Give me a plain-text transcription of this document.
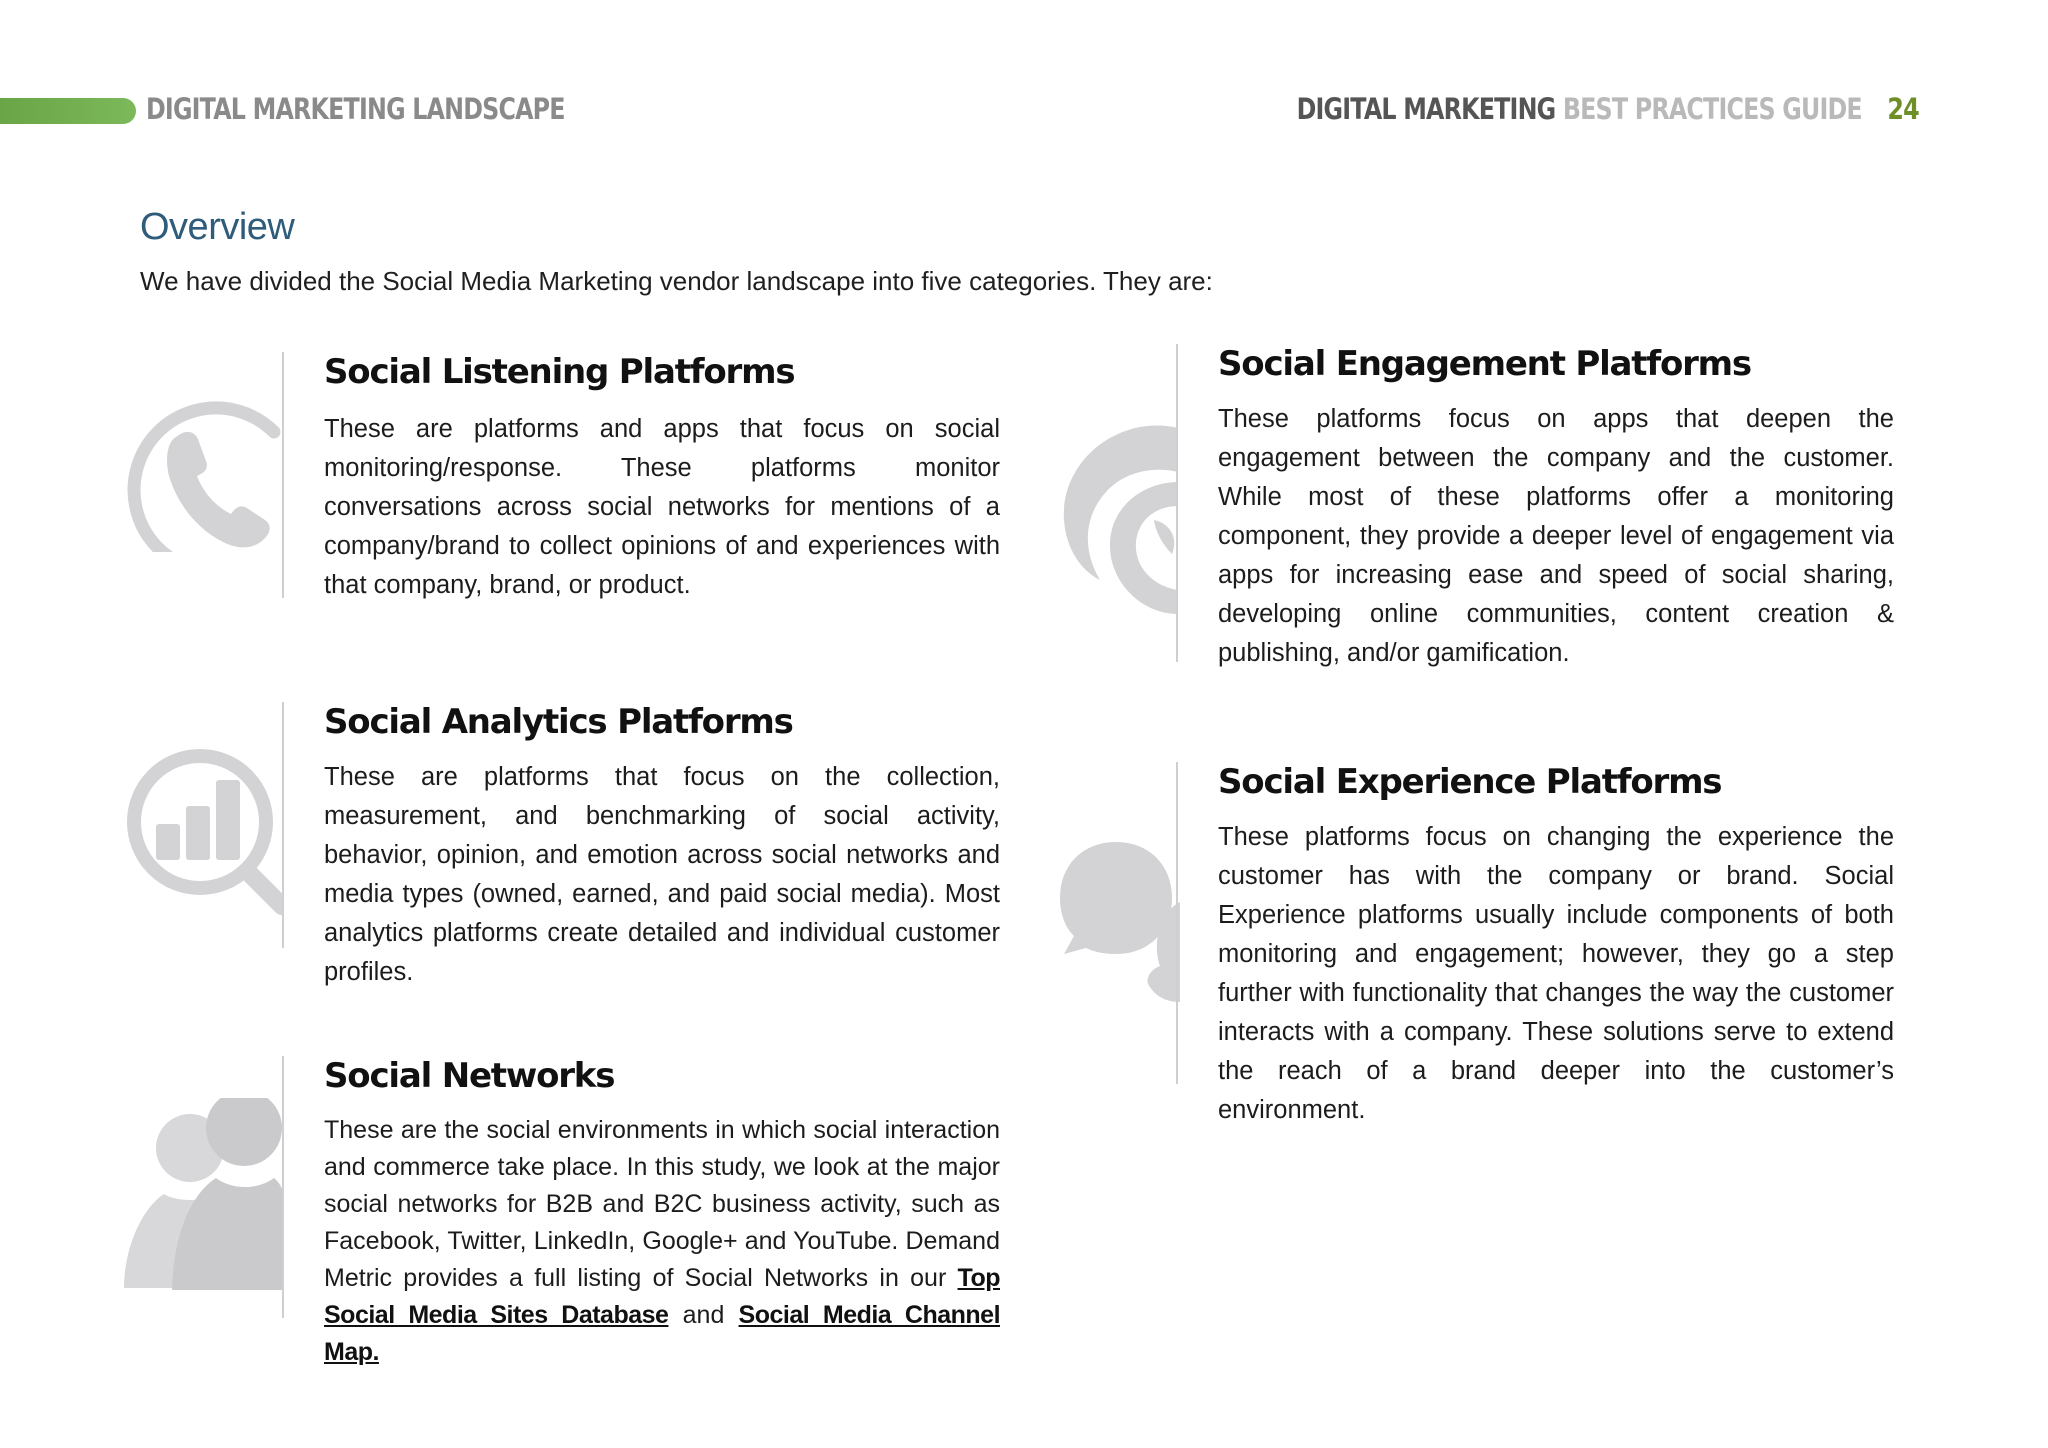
DIGITAL MARKETING LANDSCAPE	DIGITAL MARKETING BEST PRACTICES GUIDE 24
Overview
We have divided the Social Media Marketing vendor landscape into five categories. They are:
Social Listening Platforms

These are platforms and apps that focus on social monitoring/response. These platforms monitor conversations across social networks for mentions of a company/brand to collect opinions of and experiences with that company, brand, or product.

Social Engagement Platforms

These platforms focus on apps that deepen the engagement between the company and the customer. While most of these platforms offer a monitoring component, they provide a deeper level of engagement via apps for increasing ease and speed of social sharing, developing online communities, content creation & publishing, and/or gamification.

Social Analytics Platforms

These are platforms that focus on the collection, measurement, and benchmarking of social activity, behavior, opinion, and emotion across social networks and media types (owned, earned, and paid social media). Most analytics platforms create detailed and individual customer profiles.

Social Experience Platforms

These platforms focus on changing the experience the customer has with the company or brand. Social Experience platforms usually include components of both monitoring and engagement; however, they go a step further with functionality that changes the way the customer interacts with a company. These solutions serve to extend the reach of a brand deeper into the customer’s environment.

Social Networks

These are the social environments in which social interaction and commerce take place. In this study, we look at the major social networks for B2B and B2C business activity, such as Facebook, Twitter, LinkedIn, Google+ and YouTube. Demand Metric provides a full listing of Social Networks in our Top Social Media Sites Database and Social Media Channel Map.
